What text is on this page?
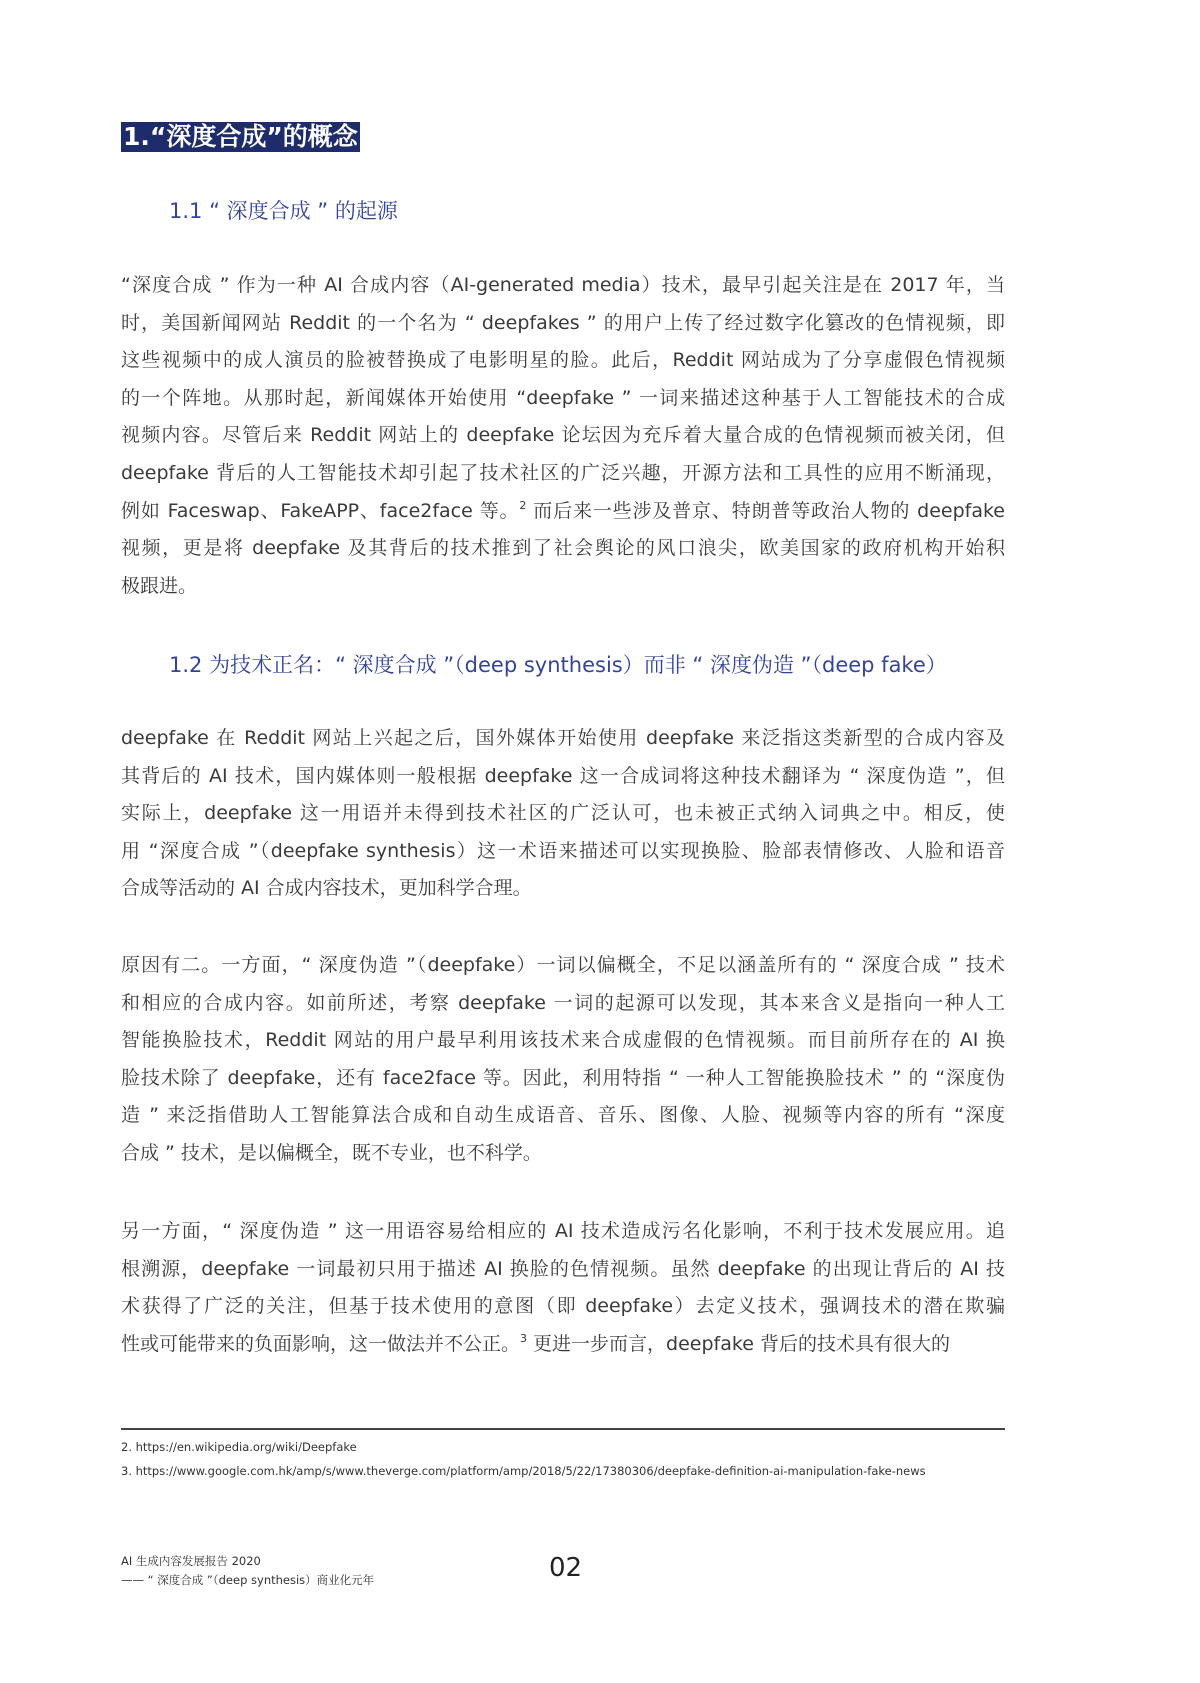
1.“深度合成”的概念
1.1 “ 深度合成 ” 的起源
“深度合成 ” 作为一种 AI 合成内容（AI-generated media）技术，最早引起关注是在 2017 年，当
时，美国新闻网站 Reddit 的一个名为 “ deepfakes ” 的用户上传了经过数字化篡改的色情视频，即
这些视频中的成人演员的脸被替换成了电影明星的脸。此后，Reddit 网站成为了分享虚假色情视频
的一个阵地。从那时起，新闻媒体开始使用 “deepfake ” 一词来描述这种基于人工智能技术的合成
视频内容。尽管后来 Reddit 网站上的 deepfake 论坛因为充斥着大量合成的色情视频而被关闭，但
deepfake 背后的人工智能技术却引起了技术社区的广泛兴趣，开源方法和工具性的应用不断涌现，
例如 Faceswap、FakeAPP、face2face 等。$^2$ 而后来一些涉及普京、特朗普等政治人物的 deepfake
视频，更是将 deepfake 及其背后的技术推到了社会舆论的风口浪尖，欧美国家的政府机构开始积
极跟进。
1.2 为技术正名：“ 深度合成 ”（deep synthesis）而非 “ 深度伪造 ”（deep fake）
deepfake 在 Reddit 网站上兴起之后，国外媒体开始使用 deepfake 来泛指这类新型的合成内容及
其背后的 AI 技术，国内媒体则一般根据 deepfake 这一合成词将这种技术翻译为 “ 深度伪造 ”，但
实际上，deepfake 这一用语并未得到技术社区的广泛认可，也未被正式纳入词典之中。相反，使
用 “深度合成 ”（deepfake synthesis）这一术语来描述可以实现换脸、脸部表情修改、人脸和语音
合成等活动的 AI 合成内容技术，更加科学合理。
原因有二。一方面，“ 深度伪造 ”（deepfake）一词以偏概全，不足以涵盖所有的 “ 深度合成 ” 技术
和相应的合成内容。如前所述，考察 deepfake 一词的起源可以发现，其本来含义是指向一种人工
智能换脸技术，Reddit 网站的用户最早利用该技术来合成虚假的色情视频。而目前所存在的 AI 换
脸技术除了 deepfake，还有 face2face 等。因此，利用特指 “ 一种人工智能换脸技术 ” 的 “深度伪
造 ” 来泛指借助人工智能算法合成和自动生成语音、音乐、图像、人脸、视频等内容的所有 “深度
合成 ” 技术，是以偏概全，既不专业，也不科学。
另一方面，“ 深度伪造 ” 这一用语容易给相应的 AI 技术造成污名化影响，不利于技术发展应用。追
根溯源，deepfake 一词最初只用于描述 AI 换脸的色情视频。虽然 deepfake 的出现让背后的 AI 技
术获得了广泛的关注，但基于技术使用的意图（即 deepfake）去定义技术，强调技术的潜在欺骗
性或可能带来的负面影响，这一做法并不公正。$^3$ 更进一步而言，deepfake 背后的技术具有很大的
2. https://en.wikipedia.org/wiki/Deepfake
3. https://www.google.com.hk/amp/s/www.theverge.com/platform/amp/2018/5/22/17380306/deepfake-definition-ai-manipulation-fake-news
AI 生成内容发展报告 2020
—— “ 深度合成 ”（deep synthesis）商业化元年	02
